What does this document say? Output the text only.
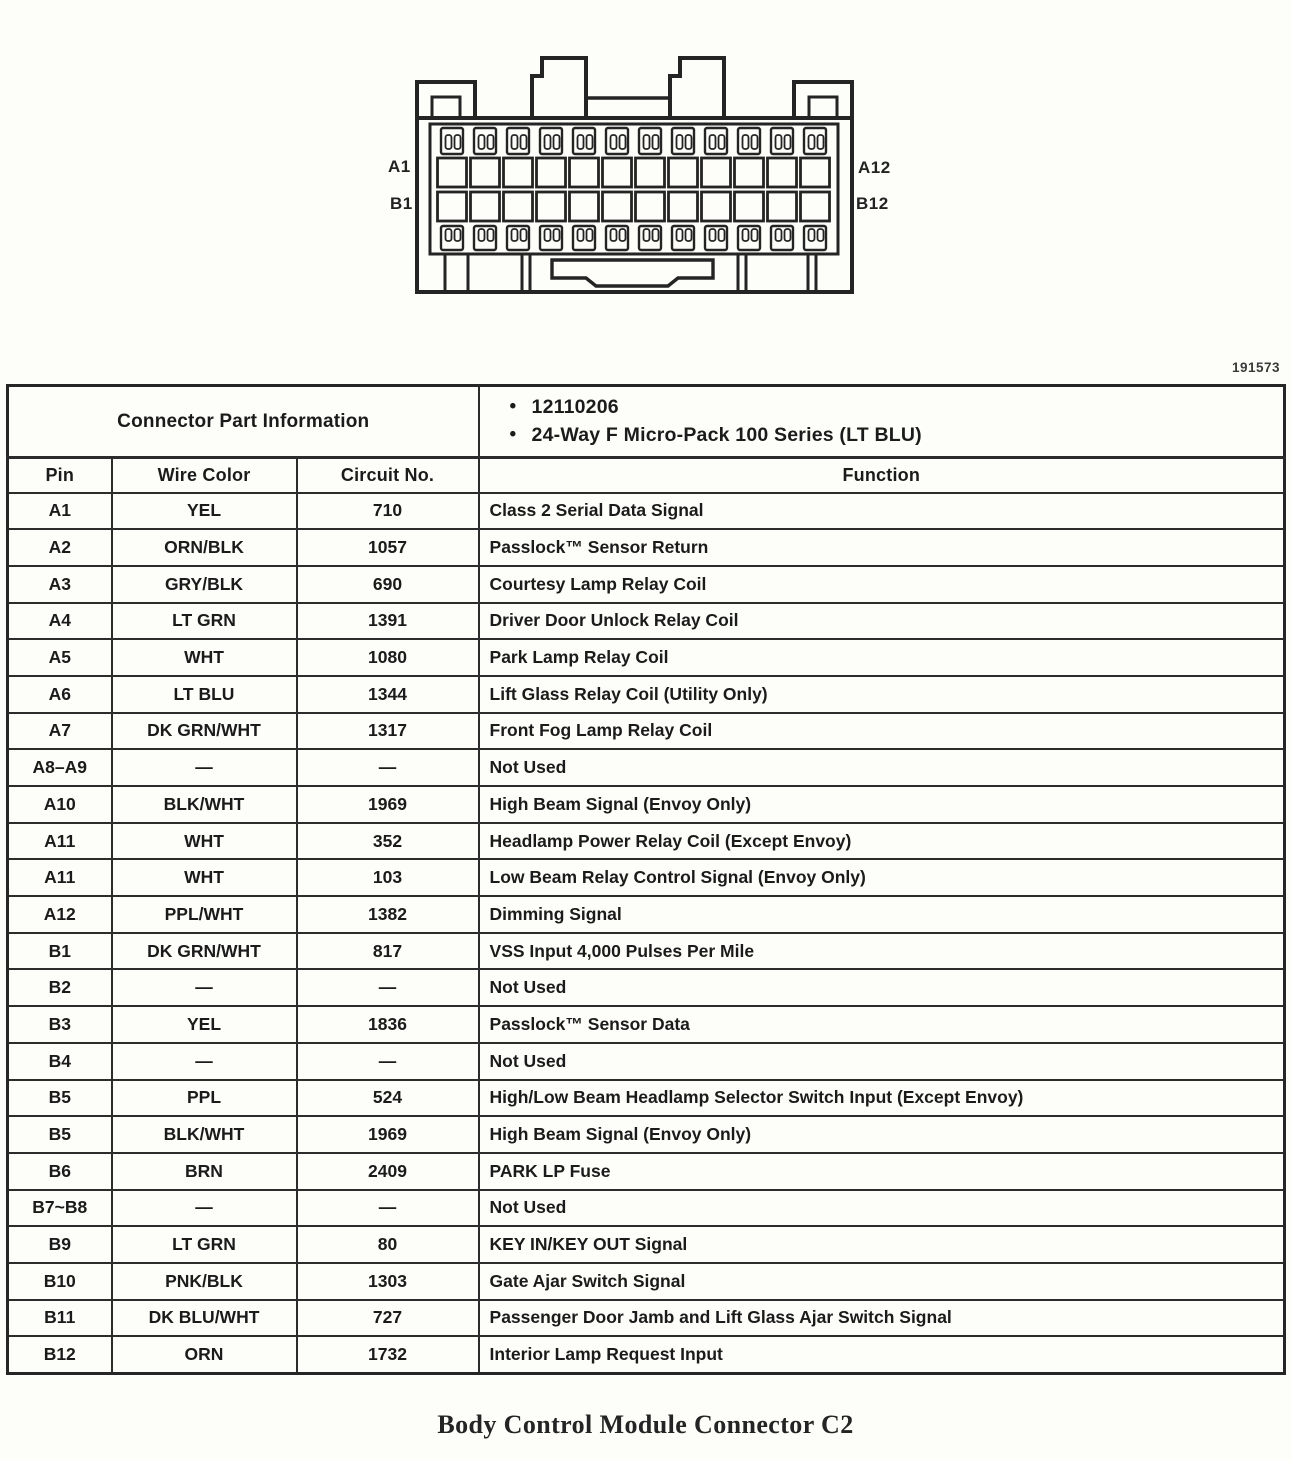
A1
B1
A12
B12
191573
Connector Part Information	
• 12110206
• 24-Way F Micro-Pack 100 Series (LT BLU)

Pin	Wire Color	Circuit No.	Function
A1	YEL	710	Class 2 Serial Data Signal
A2	ORN/BLK	1057	Passlock™ Sensor Return
A3	GRY/BLK	690	Courtesy Lamp Relay Coil
A4	LT GRN	1391	Driver Door Unlock Relay Coil
A5	WHT	1080	Park Lamp Relay Coil
A6	LT BLU	1344	Lift Glass Relay Coil (Utility Only)
A7	DK GRN/WHT	1317	Front Fog Lamp Relay Coil
A8–A9	—	—	Not Used
A10	BLK/WHT	1969	High Beam Signal (Envoy Only)
A11	WHT	352	Headlamp Power Relay Coil (Except Envoy)
A11	WHT	103	Low Beam Relay Control Signal (Envoy Only)
A12	PPL/WHT	1382	Dimming Signal
B1	DK GRN/WHT	817	VSS Input 4,000 Pulses Per Mile
B2	—	—	Not Used
B3	YEL	1836	Passlock™ Sensor Data
B4	—	—	Not Used
B5	PPL	524	High/Low Beam Headlamp Selector Switch Input (Except Envoy)
B5	BLK/WHT	1969	High Beam Signal (Envoy Only)
B6	BRN	2409	PARK LP Fuse
B7~B8	—	—	Not Used
B9	LT GRN	80	KEY IN/KEY OUT Signal
B10	PNK/BLK	1303	Gate Ajar Switch Signal
B11	DK BLU/WHT	727	Passenger Door Jamb and Lift Glass Ajar Switch Signal
B12	ORN	1732	Interior Lamp Request Input
Body Control Module Connector C2
